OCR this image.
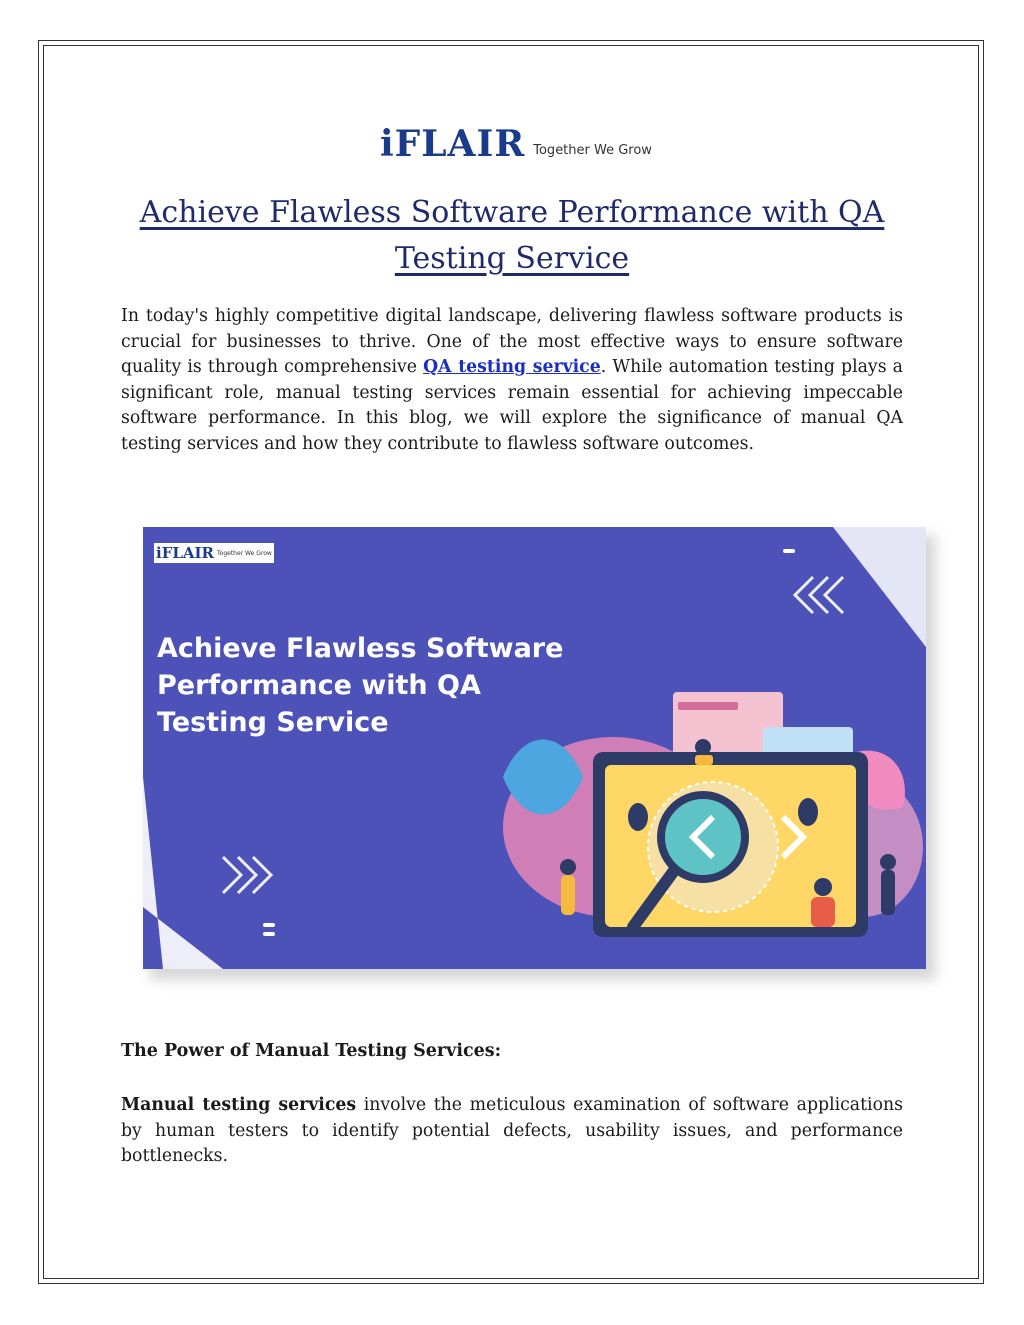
iFLAIR Together We Grow
Achieve Flawless Software Performance with QA Testing Service

In today's highly competitive digital landscape, delivering flawless software products is crucial for businesses to thrive. One of the most effective ways to ensure software quality is through comprehensive QA testing service. While automation testing plays a significant role, manual testing services remain essential for achieving impeccable software performance. In this blog, we will explore the significance of manual QA testing services and how they contribute to flawless software outcomes.

iFLAIR Together We Grow
Achieve Flawless Software Performance with QA Testing Service
The Power of Manual Testing Services:

Manual testing services involve the meticulous examination of software applications by human testers to identify potential defects, usability issues, and performance bottlenecks.
